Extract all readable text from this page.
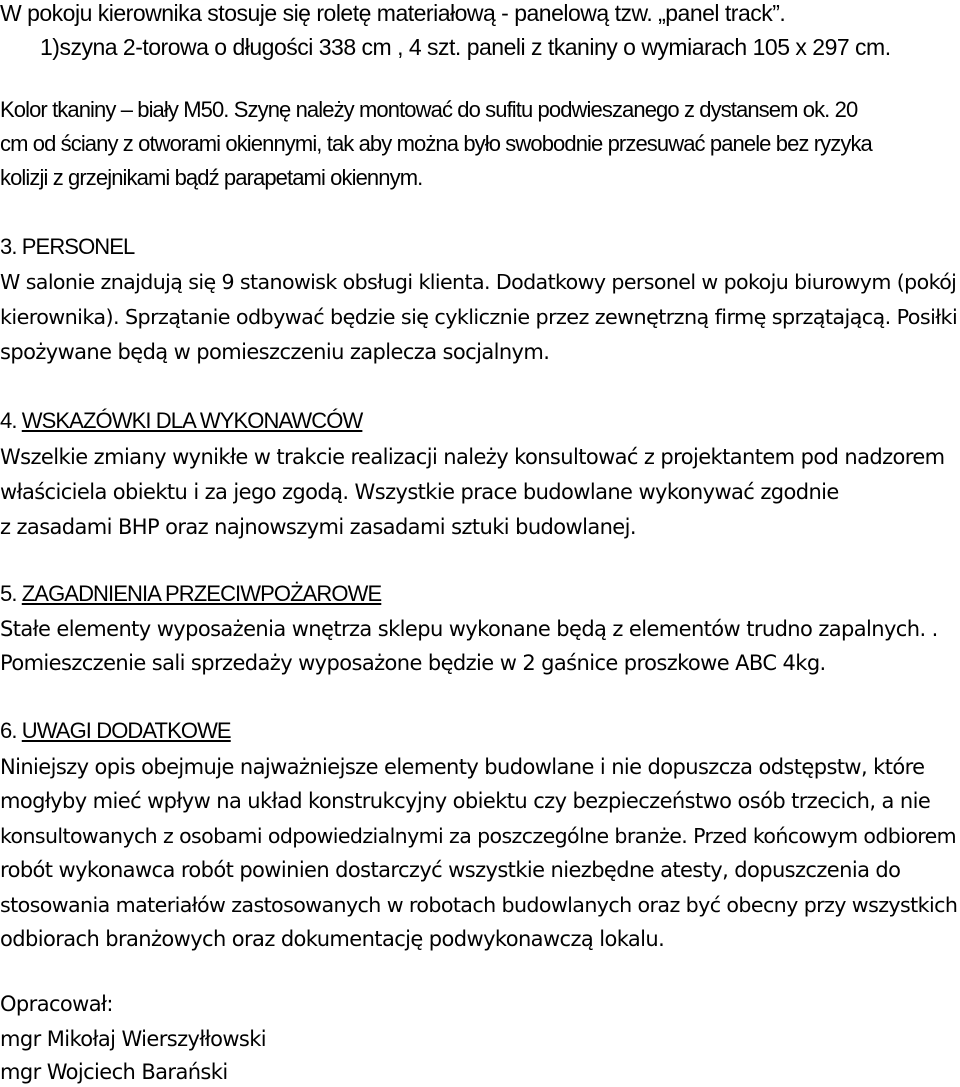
W pokoju kierownika stosuje się roletę materiałową - panelową tzw. „panel track”.

1)szyna 2-torowa o długości 338 cm , 4 szt. paneli z tkaniny o wymiarach 105 x 297 cm.

Kolor tkaniny – biały M50. Szynę należy montować do sufitu podwieszanego z dystansem ok. 20

cm od ściany z otworami okiennymi, tak aby można było swobodnie przesuwać panele bez ryzyka

kolizji z grzejnikami bądź parapetami okiennym.

3. PERSONEL

W salonie znajdują się 9 stanowisk obsługi klienta. Dodatkowy personel w pokoju biurowym (pokój

kierownika). Sprzątanie odbywać będzie się cyklicznie przez zewnętrzną firmę sprzątającą. Posiłki

spożywane będą w pomieszczeniu zaplecza socjalnym.

4. WSKAZÓWKI DLA WYKONAWCÓW

Wszelkie zmiany wynikłe w trakcie realizacji należy konsultować z projektantem pod nadzorem

właściciela obiektu i za jego zgodą. Wszystkie prace budowlane wykonywać zgodnie

z zasadami BHP oraz najnowszymi zasadami sztuki budowlanej.

5. ZAGADNIENIA PRZECIWPOŻAROWE

Stałe elementy wyposażenia wnętrza sklepu wykonane będą z elementów trudno zapalnych. .

Pomieszczenie sali sprzedaży wyposażone będzie w 2 gaśnice proszkowe ABC 4kg.

6. UWAGI DODATKOWE

Niniejszy opis obejmuje najważniejsze elementy budowlane i nie dopuszcza odstępstw, które

mogłyby mieć wpływ na układ konstrukcyjny obiektu czy bezpieczeństwo osób trzecich, a nie

konsultowanych z osobami odpowiedzialnymi za poszczególne branże. Przed końcowym odbiorem

robót wykonawca robót powinien dostarczyć wszystkie niezbędne atesty, dopuszczenia do

stosowania materiałów zastosowanych w robotach budowlanych oraz być obecny przy wszystkich

odbiorach branżowych oraz dokumentację podwykonawczą lokalu.

Opracował:

mgr Mikołaj Wierszyłłowski

mgr Wojciech Barański
